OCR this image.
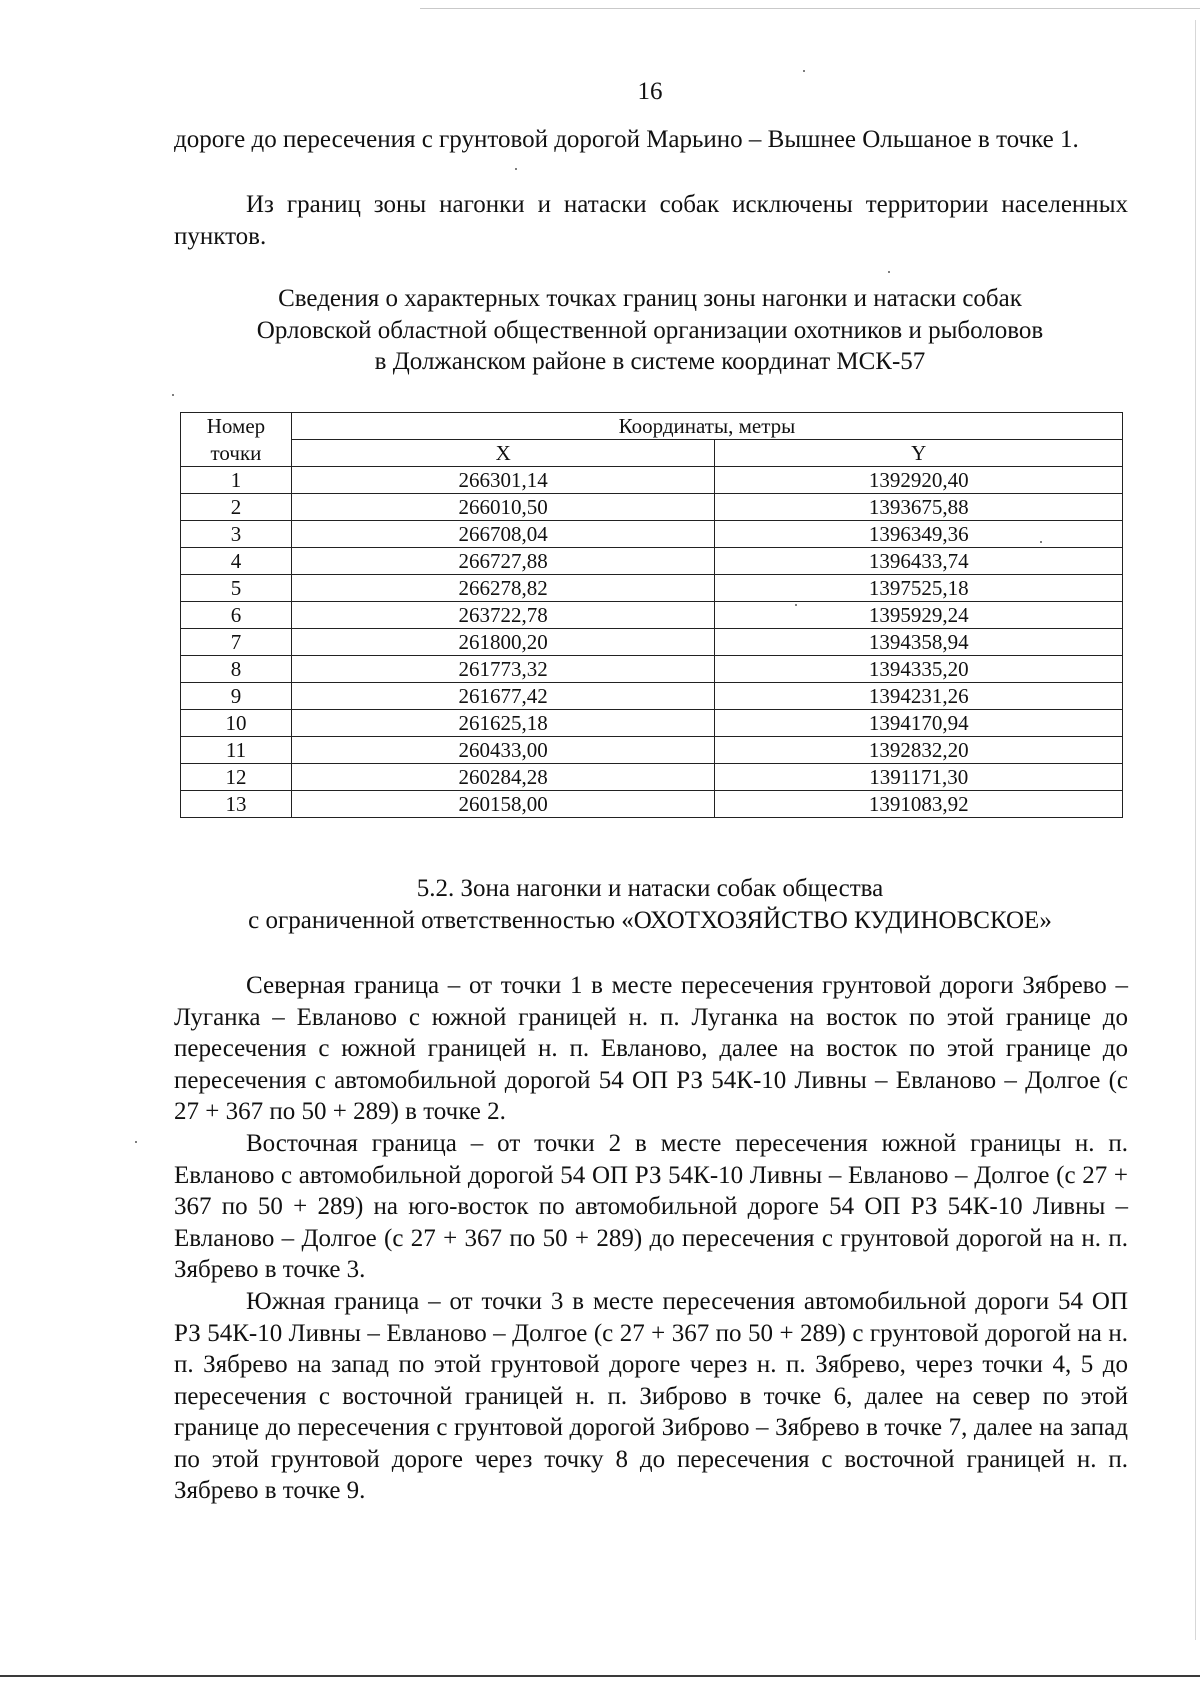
16

дороге до пересечения с грунтовой дорогой Марьино – Вышнее Ольшаное в точке 1.

Из границ зоны нагонки и натаски собак исключены территории населенных пунктов.

Сведения о характерных точках границ зоны нагонки и натаски собак
Орловской областной общественной организации охотников и рыболовов
в Должанском районе в системе координат МСК-57
Номер	Координаты, метры	
точки	X	Y
1	266301,14	1392920,40
2	266010,50	1393675,88
3	266708,04	1396349,36
4	266727,88	1396433,74
5	266278,82	1397525,18
6	263722,78	1395929,24
7	261800,20	1394358,94
8	261773,32	1394335,20
9	261677,42	1394231,26
10	261625,18	1394170,94
11	260433,00	1392832,20
12	260284,28	1391171,30
13	260158,00	1391083,92
5.2. Зона нагонки и натаски собак общества
с ограниченной ответственностью «ОХОТХОЗЯЙСТВО КУДИНОВСКОЕ»

Северная граница – от точки 1 в месте пересечения грунтовой дороги Зябрево – Луганка – Евланово с южной границей н. п. Луганка на восток по этой границе до пересечения с южной границей н. п. Евланово, далее на восток по этой границе до пересечения с автомобильной дорогой 54 ОП РЗ 54К-10 Ливны – Евланово – Долгое (с 27 + 367 по 50 + 289) в точке 2.

Восточная граница – от точки 2 в месте пересечения южной границы н. п. Евланово с автомобильной дорогой 54 ОП РЗ 54К-10 Ливны – Евланово – Долгое (с 27 + 367 по 50 + 289) на юго-восток по автомобильной дороге 54 ОП РЗ 54К-10 Ливны – Евланово – Долгое (с 27 + 367 по 50 + 289) до пересечения с грунтовой дорогой на н. п. Зябрево в точке 3.

Южная граница – от точки 3 в месте пересечения автомобильной дороги 54 ОП РЗ 54К-10 Ливны – Евланово – Долгое (с 27 + 367 по 50 + 289) с грунтовой дорогой на н. п. Зябрево на запад по этой грунтовой дороге через н. п. Зябрево, через точки 4, 5 до пересечения с восточной границей н. п. Зиброво в точке 6, далее на север по этой границе до пересечения с грунтовой дорогой Зиброво – Зябрево в точке 7, далее на запад по этой грунтовой дороге через точку 8 до пересечения с восточной границей н. п. Зябрево в точке 9.
